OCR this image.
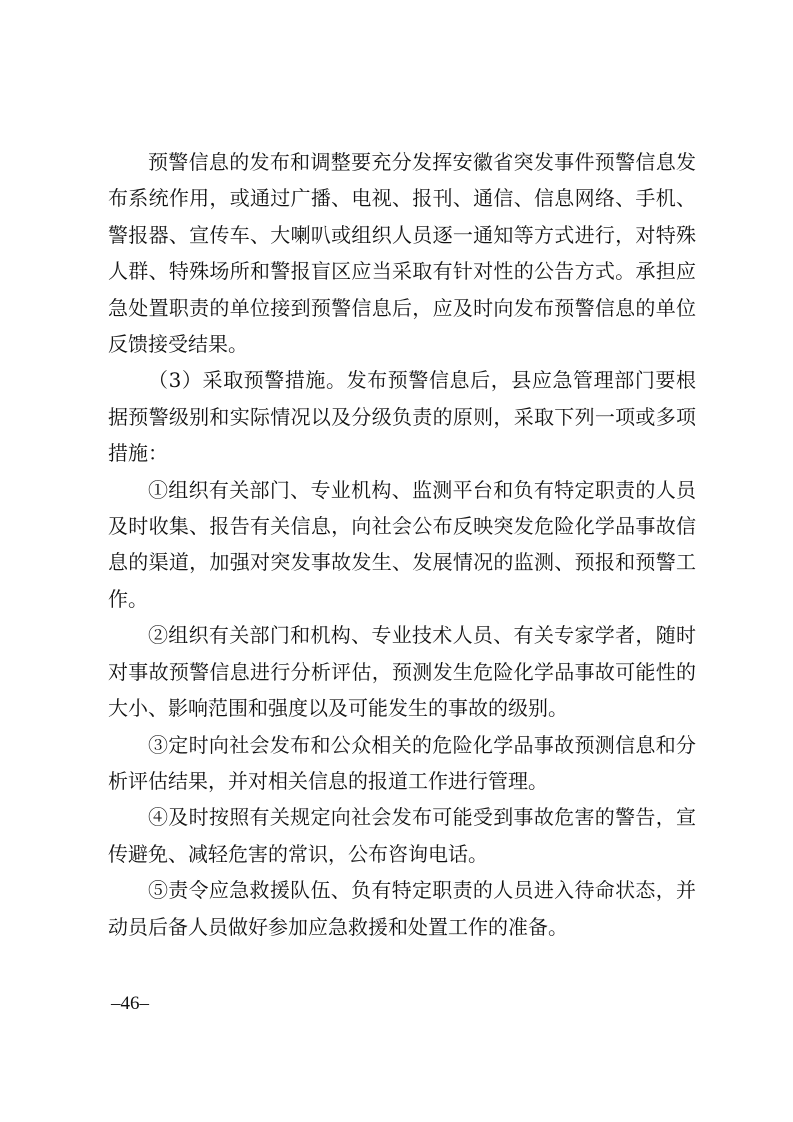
预警信息的发布和调整要充分发挥安徽省突发事件预警信息发布系统作用，或通过广播、电视、报刊、通信、信息网络、手机、警报器、宣传车、大喇叭或组织人员逐一通知等方式进行，对特殊人群、特殊场所和警报盲区应当采取有针对性的公告方式。承担应急处置职责的单位接到预警信息后，应及时向发布预警信息的单位反馈接受结果。

（3）采取预警措施。发布预警信息后，县应急管理部门要根据预警级别和实际情况以及分级负责的原则，采取下列一项或多项措施：

①组织有关部门、专业机构、监测平台和负有特定职责的人员及时收集、报告有关信息，向社会公布反映突发危险化学品事故信息的渠道，加强对突发事故发生、发展情况的监测、预报和预警工作。

②组织有关部门和机构、专业技术人员、有关专家学者，随时对事故预警信息进行分析评估，预测发生危险化学品事故可能性的大小、影响范围和强度以及可能发生的事故的级别。

③定时向社会发布和公众相关的危险化学品事故预测信息和分析评估结果，并对相关信息的报道工作进行管理。

④及时按照有关规定向社会发布可能受到事故危害的警告，宣传避免、减轻危害的常识，公布咨询电话。

⑤责令应急救援队伍、负有特定职责的人员进入待命状态，并动员后备人员做好参加应急救援和处置工作的准备。

–46–
